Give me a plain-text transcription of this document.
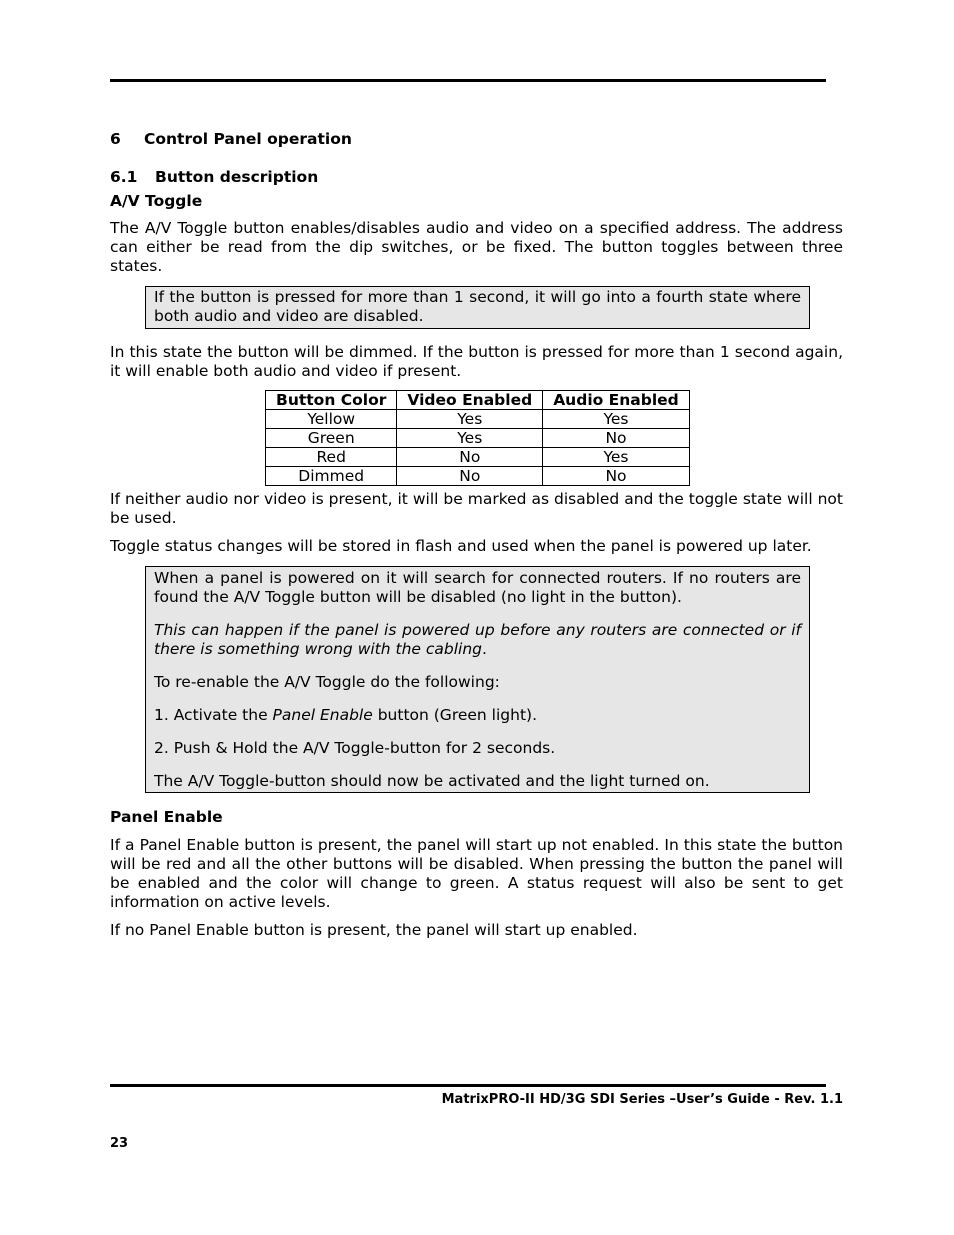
6 Control Panel operation
6.1 Button description
A/V Toggle

The A/V Toggle button enables/disables audio and video on a specified address. The address can either be read from the dip switches, or be fixed. The button toggles between three states.

If the button is pressed for more than 1 second, it will go into a fourth state where both audio and video are disabled.

In this state the button will be dimmed. If the button is pressed for more than 1 second again, it will enable both audio and video if present.

Button Color	Video Enabled	Audio Enabled
Yellow	Yes	Yes
Green	Yes	No
Red	No	Yes
Dimmed	No	No

If neither audio nor video is present, it will be marked as disabled and the toggle state will not be used.

Toggle status changes will be stored in flash and used when the panel is powered up later.

When a panel is powered on it will search for connected routers. If no routers are found the A/V Toggle button will be disabled (no light in the button).

This can happen if the panel is powered up before any routers are connected or if there is something wrong with the cabling.

To re-enable the A/V Toggle do the following:

1. Activate the Panel Enable button (Green light).

2. Push & Hold the A/V Toggle-button for 2 seconds.

The A/V Toggle-button should now be activated and the light turned on.

Panel Enable

If a Panel Enable button is present, the panel will start up not enabled. In this state the button will be red and all the other buttons will be disabled. When pressing the button the panel will be enabled and the color will change to green. A status request will also be sent to get information on active levels.

If no Panel Enable button is present, the panel will start up enabled.

MatrixPRO-II HD/3G SDI Series –User’s Guide - Rev. 1.1
23
